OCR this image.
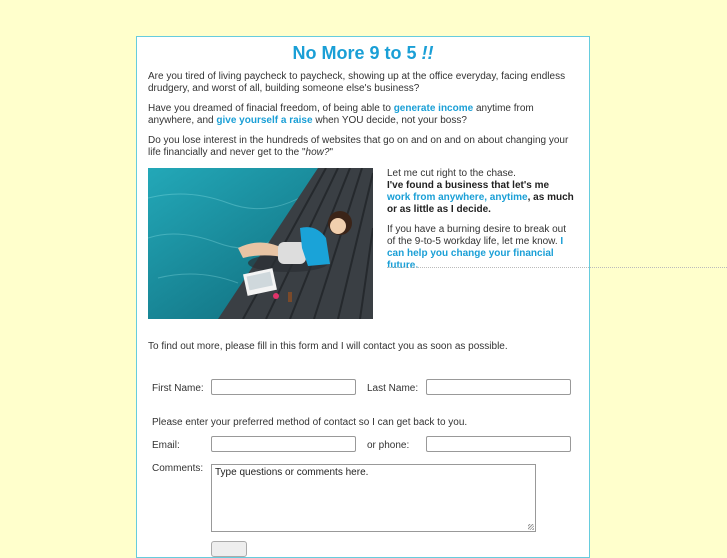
No More 9 to 5 !!

Are you tired of living paycheck to paycheck, showing up at the office everyday, facing endless drudgery, and worst of all, building someone else's business?

Have you dreamed of finacial freedom, of being able to generate income anytime from anywhere, and give yourself a raise when YOU decide, not your boss?

Do you lose interest in the hundreds of websites that go on and on and on about changing your life financially and never get to the "how?"

Let me cut right to the chase.

I've found a business that let's me work from anywhere, anytime, as much or as little as I decide.

If you have a burning desire to break out of the 9-to-5 workday life, let me know. I can help you change your financial future.

To find out more, please fill in this form and I will contact you as soon as possible.

First Name:	Last Name:

Please enter your preferred method of contact so I can get back to you.

Email:	or phone:
Comments:	Type questions or comments here.
